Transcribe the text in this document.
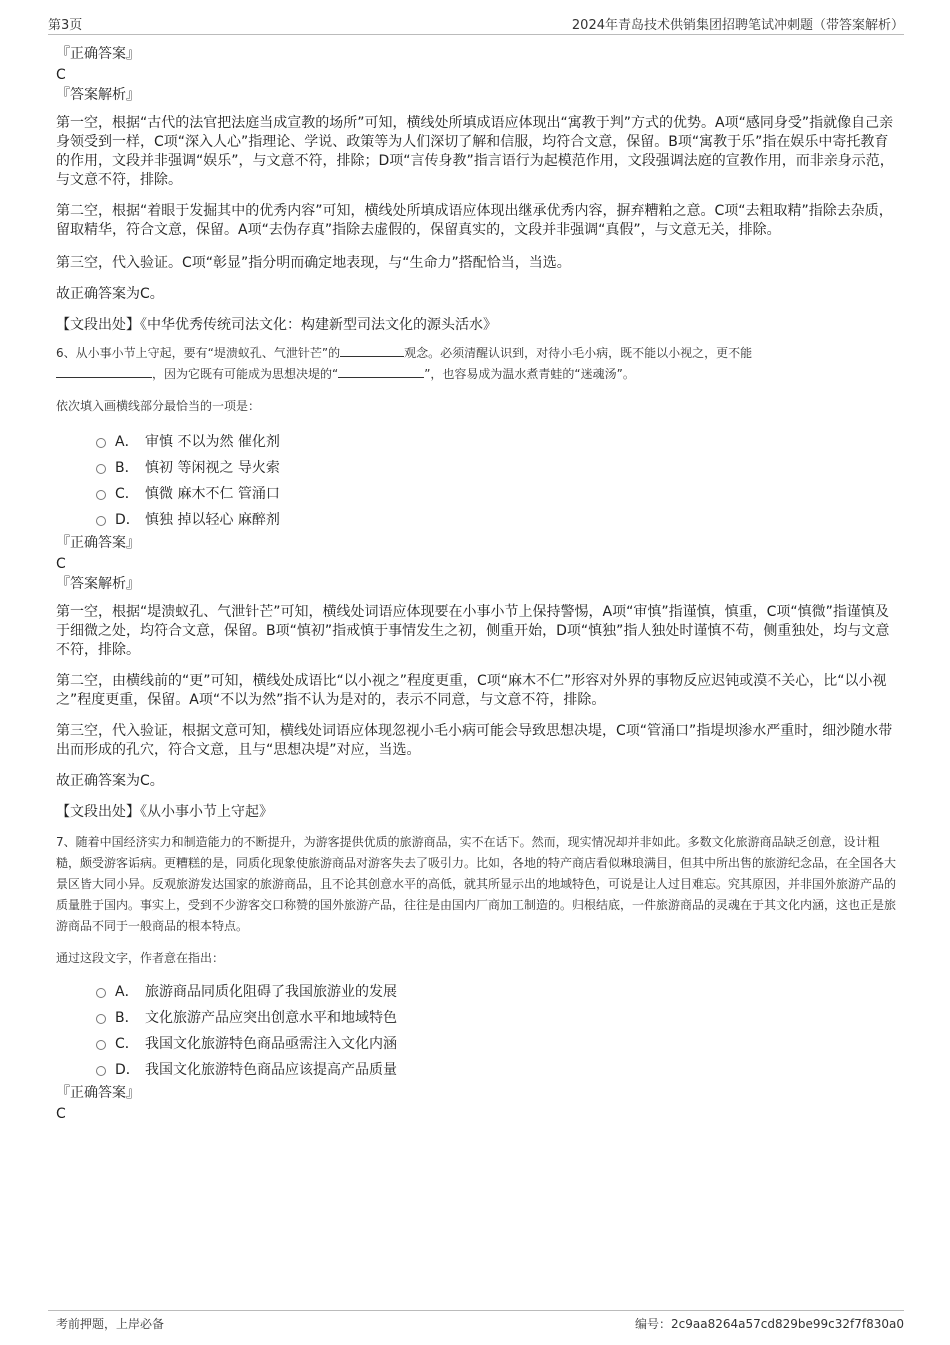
第3页	2024年青岛技术供销集团招聘笔试冲刺题（带答案解析）
『正确答案』
C
『答案解析』

第一空，根据“古代的法官把法庭当成宣教的场所”可知，横线处所填成语应体现出“寓教于判”方式的优势。A项“感同身受”指就像自己亲身领受到一样，C项“深入人心”指理论、学说、政策等为人们深切了解和信服，均符合文意，保留。B项“寓教于乐”指在娱乐中寄托教育的作用，文段并非强调“娱乐”，与文意不符，排除；D项“言传身教”指言语行为起模范作用，文段强调法庭的宣教作用，而非亲身示范，与文意不符，排除。

第二空，根据“着眼于发掘其中的优秀内容”可知，横线处所填成语应体现出继承优秀内容，摒弃糟粕之意。C项“去粗取精”指除去杂质，留取精华，符合文意，保留。A项“去伪存真”指除去虚假的，保留真实的，文段并非强调“真假”，与文意无关，排除。

第三空，代入验证。C项“彰显”指分明而确定地表现，与“生命力”搭配恰当，当选。

故正确答案为C。

【文段出处】《中华优秀传统司法文化：构建新型司法文化的源头活水》

6、从小事小节上守起，要有“堤溃蚁孔、气泄针芒”的	观念。必须清醒认识到，对待小毛小病，既不能以小视之，更不能
，因为它既有可能成为思想决堤的“	”，也容易成为温水煮青蛙的“迷魂汤”。

依次填入画横线部分最恰当的一项是：

A． 审慎 不以为然 催化剂
B． 慎初 等闲视之 导火索
C． 慎微 麻木不仁 管涌口
D． 慎独 掉以轻心 麻醉剂
『正确答案』
C
『答案解析』

第一空，根据“堤溃蚁孔、气泄针芒”可知，横线处词语应体现要在小事小节上保持警惕，A项“审慎”指谨慎，慎重，C项“慎微”指谨慎及于细微之处，均符合文意，保留。B项“慎初”指戒慎于事情发生之初，侧重开始，D项“慎独”指人独处时谨慎不苟，侧重独处，均与文意不符，排除。

第二空，由横线前的“更”可知，横线处成语比“以小视之”程度更重，C项“麻木不仁”形容对外界的事物反应迟钝或漠不关心，比“以小视之”程度更重，保留。A项“不以为然”指不认为是对的，表示不同意，与文意不符，排除。

第三空，代入验证，根据文意可知，横线处词语应体现忽视小毛小病可能会导致思想决堤，C项“管涌口”指堤坝渗水严重时，细沙随水带出而形成的孔穴，符合文意，且与“思想决堤”对应，当选。

故正确答案为C。

【文段出处】《从小事小节上守起》

7、随着中国经济实力和制造能力的不断提升，为游客提供优质的旅游商品，实不在话下。然而，现实情况却并非如此。多数文化旅游商品缺乏创意，设计粗糙，颇受游客诟病。更糟糕的是，同质化现象使旅游商品对游客失去了吸引力。比如，各地的特产商店看似琳琅满目，但其中所出售的旅游纪念品，在全国各大景区皆大同小异。反观旅游发达国家的旅游商品，且不论其创意水平的高低，就其所显示出的地域特色，可说是让人过目难忘。究其原因，并非国外旅游产品的质量胜于国内。事实上，受到不少游客交口称赞的国外旅游产品，往往是由国内厂商加工制造的。归根结底，一件旅游商品的灵魂在于其文化内涵，这也正是旅游商品不同于一般商品的根本特点。

通过这段文字，作者意在指出：

A． 旅游商品同质化阻碍了我国旅游业的发展
B． 文化旅游产品应突出创意水平和地域特色
C． 我国文化旅游特色商品亟需注入文化内涵
D． 我国文化旅游特色商品应该提高产品质量
『正确答案』
C
考前押题，上岸必备	编号：2c9aa8264a57cd829be99c32f7f830a0
